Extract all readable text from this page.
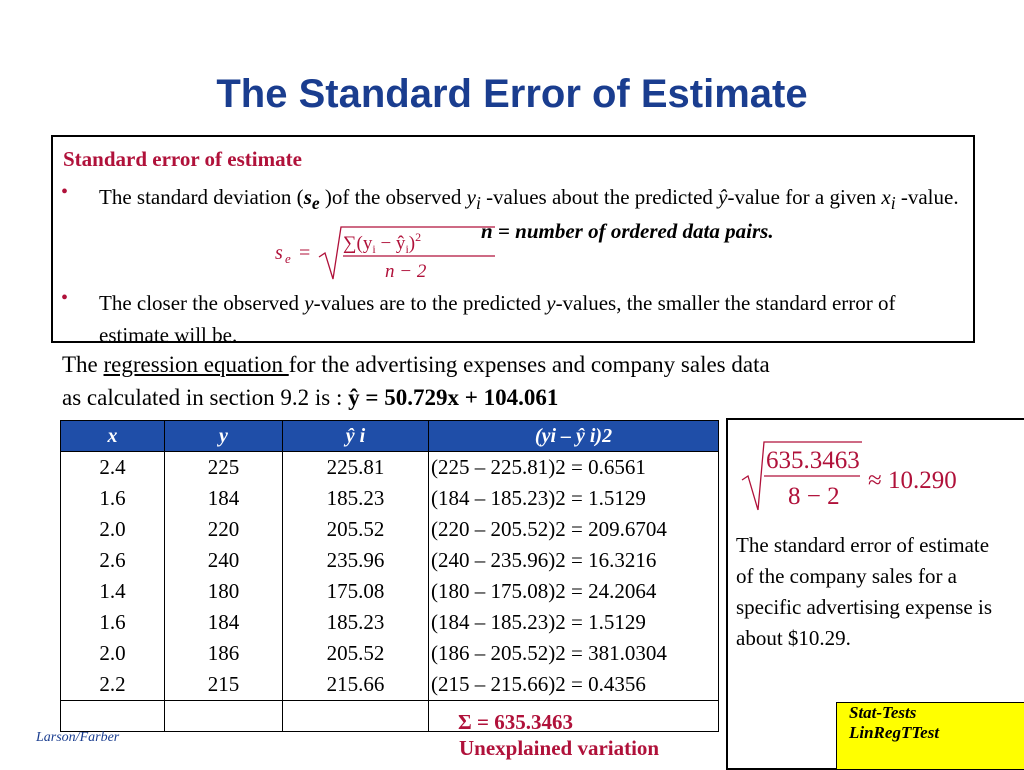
The Standard Error of Estimate
Standard error of estimate
• The standard deviation ($s_e$ )of the observed $y_i$ -values about the predicted ŷ-value for a given $x_i$ -value.
s $e = \sum(y_i$ − $ŷ_i)^2$
n − 2
n = number of ordered data pairs.
• The closer the observed y-values are to the predicted y-values, the smaller the standard error of estimate will be.
The regression equation for the advertising expenses and company sales data
as calculated in section 9.2 is : ŷ = 50.729x + 104.061
x	y	ŷ i	(yi – ŷ i)2
2.4	225	225.81	(225 – 225.81)2 = 0.6561
1.6	184	185.23	(184 – 185.23)2 = 1.5129
2.0	220	205.52	(220 – 205.52)2 = 209.6704
2.6	240	235.96	(240 – 235.96)2 = 16.3216
1.4	180	175.08	(180 – 175.08)2 = 24.2064
1.6	184	185.23	(184 – 185.23)2 = 1.5129
2.0	186	205.52	(186 – 205.52)2 = 381.0304
2.2	215	215.66	(215 – 215.66)2 = 0.4356

Σ = 635.3463
Unexplained variation
Larson/Farber
635.3463
8 − 2
≈ 10.290
The standard error of estimate of the company sales for a specific advertising expense is about $10.29.
Stat-Tests
LinRegTTest
